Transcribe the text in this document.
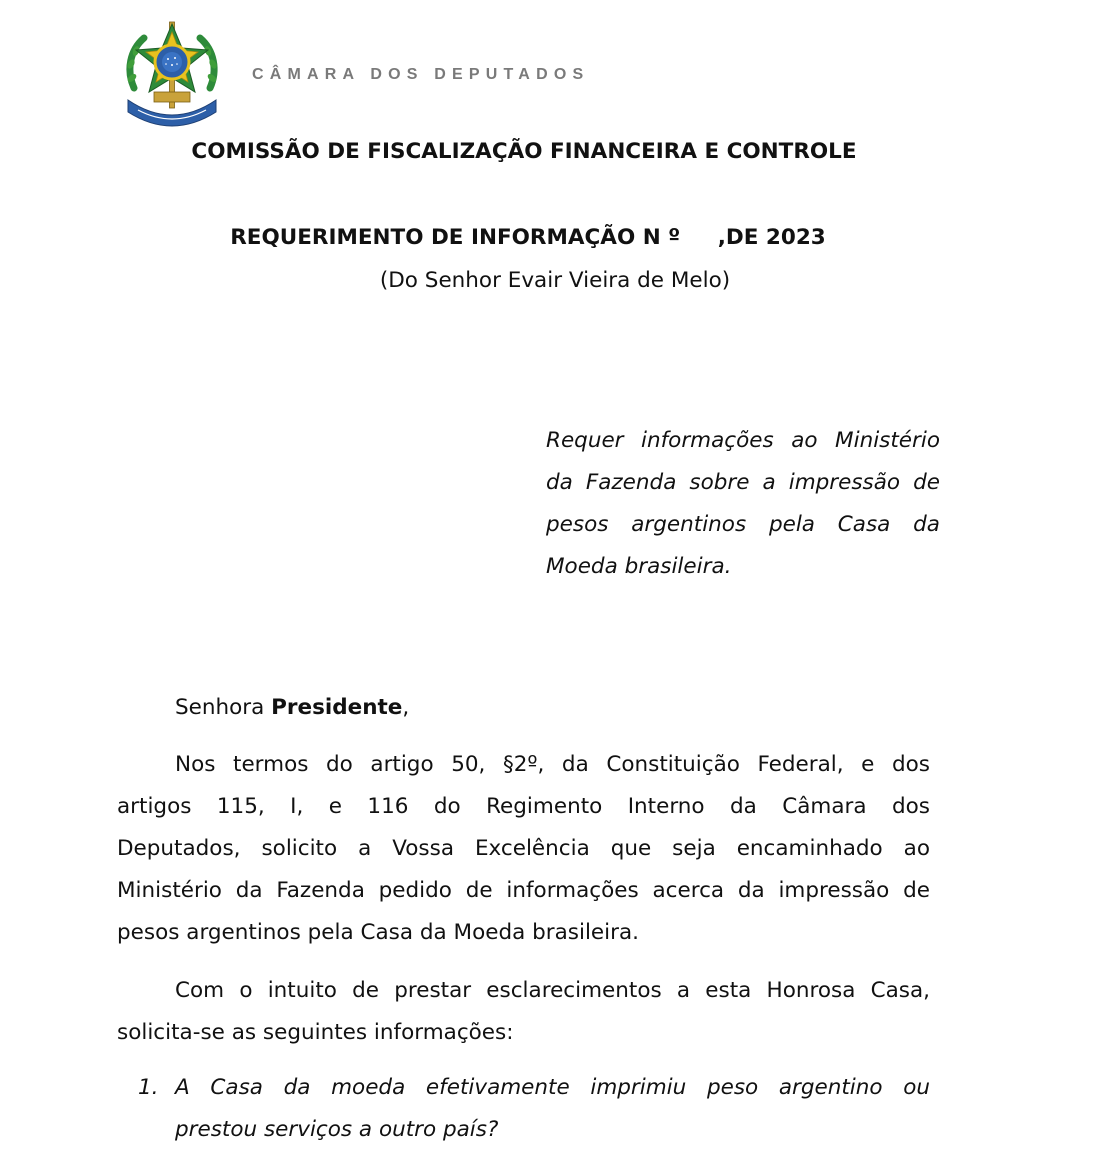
CÂMARA DOS DEPUTADOS
COMISSÃO DE FISCALIZAÇÃO FINANCEIRA E CONTROLE
REQUERIMENTO DE INFORMAÇÃO N º     ,DE 2023
(Do Senhor Evair Vieira de Melo)
Requer informações ao Ministério
da Fazenda sobre a impressão de
pesos argentinos pela Casa da
Moeda brasileira.
Senhora Presidente,
Nos termos do artigo 50, §2º, da Constituição Federal, e dos
artigos 115, I, e 116 do Regimento Interno da Câmara dos
Deputados, solicito a Vossa Excelência que seja encaminhado ao
Ministério da Fazenda pedido de informações acerca da impressão de
pesos argentinos pela Casa da Moeda brasileira.
Com o intuito de prestar esclarecimentos a esta Honrosa Casa,
solicita-se as seguintes informações:
1. A Casa da moeda efetivamente imprimiu peso argentino ou
prestou serviços a outro país?
